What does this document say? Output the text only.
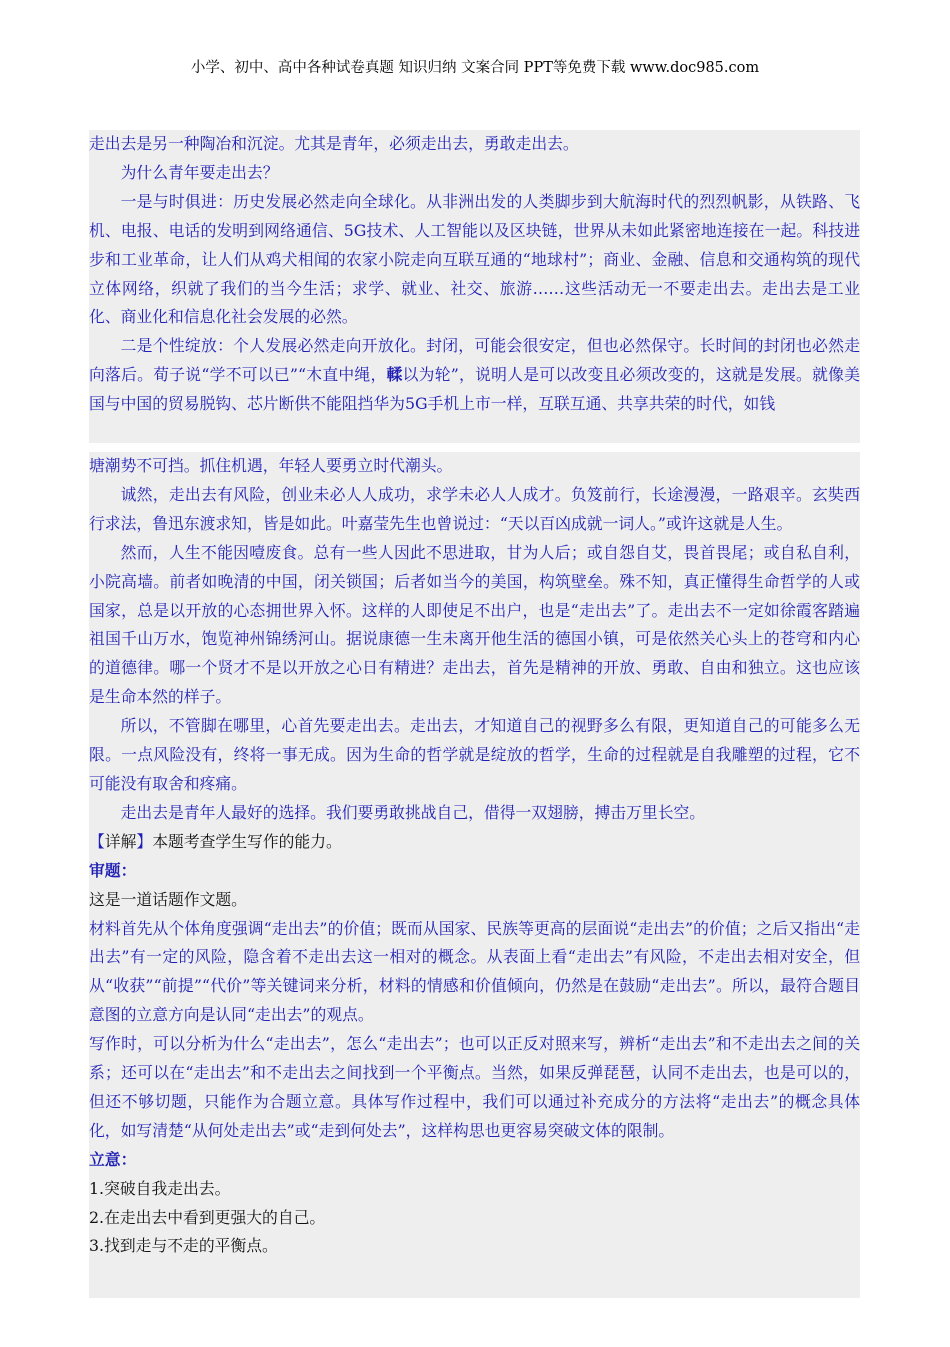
小学、初中、高中各种试卷真题 知识归纳 文案合同 PPT等免费下载 www.doc985.com

走出去是另一种陶冶和沉淀。尤其是青年，必须走出去，勇敢走出去。

为什么青年要走出去？

一是与时俱进：历史发展必然走向全球化。从非洲出发的人类脚步到大航海时代的烈烈帆影，从铁路、飞机、电报、电话的发明到网络通信、5G技术、人工智能以及区块链，世界从未如此紧密地连接在一起。科技进步和工业革命，让人们从鸡犬相闻的农家小院走向互联互通的“地球村”；商业、金融、信息和交通构筑的现代立体网络，织就了我们的当今生活；求学、就业、社交、旅游……这些活动无一不要走出去。走出去是工业化、商业化和信息化社会发展的必然。

二是个性绽放：个人发展必然走向开放化。封闭，可能会很安定，但也必然保守。长时间的封闭也必然走向落后。荀子说“学不可以已”“木直中绳，輮以为轮”，说明人是可以改变且必须改变的，这就是发展。就像美国与中国的贸易脱钩、芯片断供不能阻挡华为5G手机上市一样，互联互通、共享共荣的时代，如钱

塘潮势不可挡。抓住机遇，年轻人要勇立时代潮头。

诚然，走出去有风险，创业未必人人成功，求学未必人人成才。负笈前行，长途漫漫，一路艰辛。玄奘西行求法，鲁迅东渡求知，皆是如此。叶嘉莹先生也曾说过：“天以百凶成就一词人。”或许这就是人生。

然而，人生不能因噎废食。总有一些人因此不思进取，甘为人后；或自怨自艾，畏首畏尾；或自私自利，小院高墙。前者如晚清的中国，闭关锁国；后者如当今的美国，构筑壁垒。殊不知，真正懂得生命哲学的人或国家，总是以开放的心态拥世界入怀。这样的人即使足不出户，也是“走出去”了。走出去不一定如徐霞客踏遍祖国千山万水，饱览神州锦绣河山。据说康德一生未离开他生活的德国小镇，可是依然关心头上的苍穹和内心的道德律。哪一个贤才不是以开放之心日有精进？走出去，首先是精神的开放、勇敢、自由和独立。这也应该是生命本然的样子。

所以，不管脚在哪里，心首先要走出去。走出去，才知道自己的视野多么有限，更知道自己的可能多么无限。一点风险没有，终将一事无成。因为生命的哲学就是绽放的哲学，生命的过程就是自我雕塑的过程，它不可能没有取舍和疼痛。

走出去是青年人最好的选择。我们要勇敢挑战自己，借得一双翅膀，搏击万里长空。

【详解】本题考查学生写作的能力。

审题：

这是一道话题作文题。

材料首先从个体角度强调“走出去”的价值；既而从国家、民族等更高的层面说“走出去”的价值；之后又指出“走出去”有一定的风险，隐含着不走出去这一相对的概念。从表面上看“走出去”有风险，不走出去相对安全，但从“收获”“前提”“代价”等关键词来分析，材料的情感和价值倾向，仍然是在鼓励“走出去”。所以，最符合题目意图的立意方向是认同“走出去”的观点。

写作时，可以分析为什么“走出去”，怎么“走出去”；也可以正反对照来写，辨析“走出去”和不走出去之间的关系；还可以在“走出去”和不走出去之间找到一个平衡点。当然，如果反弹琵琶，认同不走出去，也是可以的，但还不够切题，只能作为合题立意。具体写作过程中，我们可以通过补充成分的方法将“走出去”的概念具体化，如写清楚“从何处走出去”或“走到何处去”，这样构思也更容易突破文体的限制。

立意：

1.突破自我走出去。

2.在走出去中看到更强大的自己。

3.找到走与不走的平衡点。
